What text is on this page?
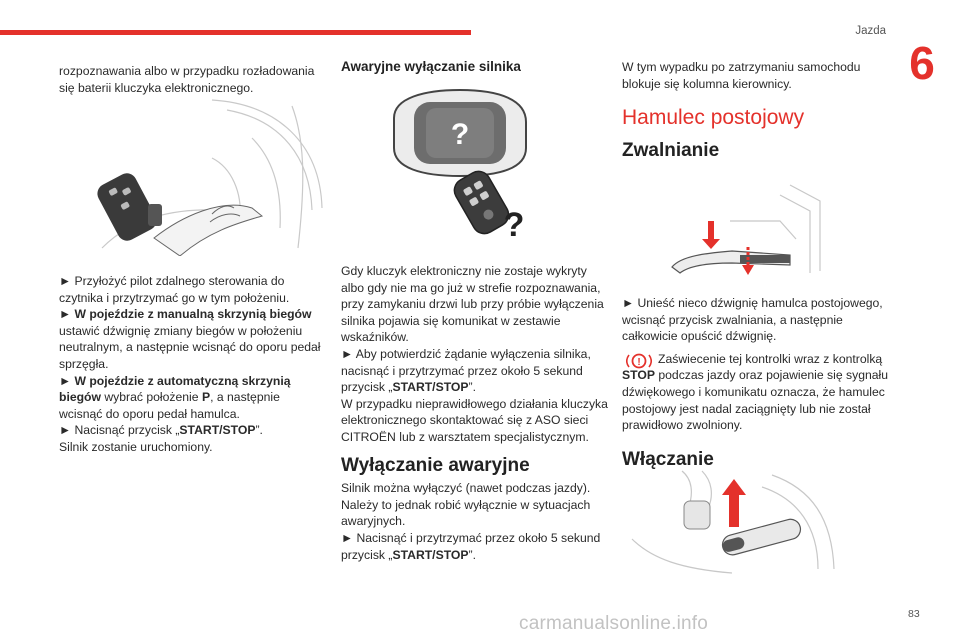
Jazda
6

rozpoznawania albo w przypadku rozładowania się baterii kluczyka elektronicznego.

► Przyłożyć pilot zdalnego sterowania do czytnika i przytrzymać go w tym położeniu.

► W pojeździe z manualną skrzynią biegów ustawić dźwignię zmiany biegów w położeniu neutralnym, a następnie wcisnąć do oporu pedał sprzęgła.

► W pojeździe z automatyczną skrzynią biegów wybrać położenie P, a następnie wcisnąć do oporu pedał hamulca.

► Nacisnąć przycisk „START/STOP”.

Silnik zostanie uruchomiony.

Awaryjne wyłączanie silnika

?
?

Gdy kluczyk elektroniczny nie zostaje wykryty albo gdy nie ma go już w strefie rozpoznawania, przy zamykaniu drzwi lub przy próbie wyłączenia silnika pojawia się komunikat w zestawie wskaźników.

► Aby potwierdzić żądanie wyłączenia silnika, nacisnąć i przytrzymać przez około 5 sekund przycisk „START/STOP”.

W przypadku nieprawidłowego działania kluczyka elektronicznego skontaktować się z ASO sieci CITROËN lub z warsztatem specjalistycznym.

Wyłączanie awaryjne

Silnik można wyłączyć (nawet podczas jazdy). Należy to jednak robić wyłącznie w sytuacjach awaryjnych.

► Nacisnąć i przytrzymać przez około 5 sekund przycisk „START/STOP”.

W tym wypadku po zatrzymaniu samochodu blokuje się kolumna kierownicy.

Hamulec postojowy

Zwalnianie

► Unieść nieco dźwignię hamulca postojowego, wcisnąć przycisk zwalniania, a następnie całkowicie opuścić dźwignię.

!	Zaświecenie tej kontrolki wraz z kontrolką STOP podczas jazdy oraz pojawienie się sygnału dźwiękowego i komunikatu oznacza, że hamulec postojowy jest nadal zaciągnięty lub nie został prawidłowo zwolniony.

Włączanie

83
carmanualsonline.info
